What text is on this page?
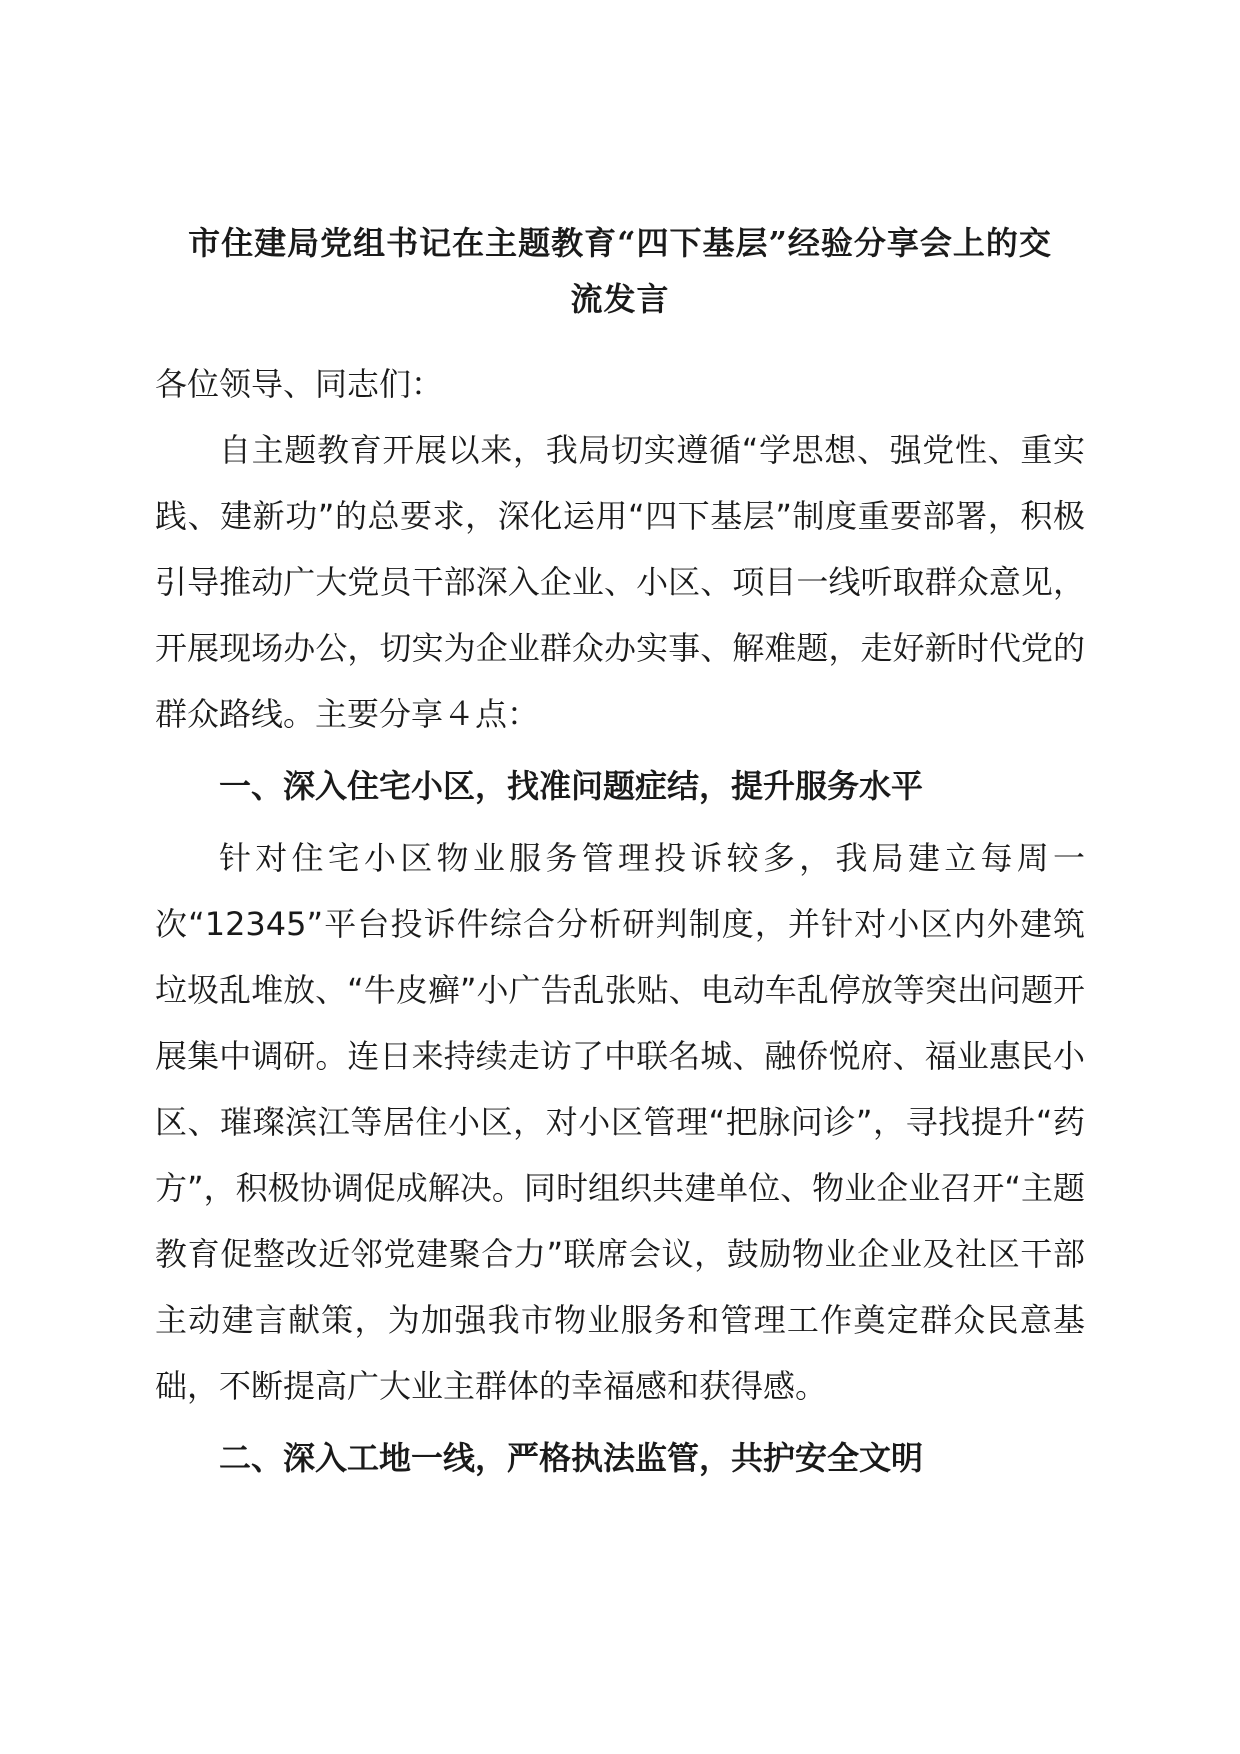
市住建局党组书记在主题教育“四下基层”经验分享会上的交
流发言

各位领导、同志们：

自主题教育开展以来，我局切实遵循“学思想、强党性、重实践、建新功”的总要求，深化运用“四下基层”制度重要部署，积极引导推动广大党员干部深入企业、小区、项目一线听取群众意见，开展现场办公，切实为企业群众办实事、解难题，走好新时代党的群众路线。主要分享４点：

一、深入住宅小区，找准问题症结，提升服务水平

针对住宅小区物业服务管理投诉较多，我局建立每周一次“12345”平台投诉件综合分析研判制度，并针对小区内外建筑垃圾乱堆放、“牛皮癣”小广告乱张贴、电动车乱停放等突出问题开展集中调研。连日来持续走访了中联名城、融侨悦府、福业惠民小区、璀璨滨江等居住小区，对小区管理“把脉问诊”，寻找提升“药方”，积极协调促成解决。同时组织共建单位、物业企业召开“主题教育促整改近邻党建聚合力”联席会议，鼓励物业企业及社区干部主动建言献策，为加强我市物业服务和管理工作奠定群众民意基础，不断提高广大业主群体的幸福感和获得感。

二、深入工地一线，严格执法监管，共护安全文明
